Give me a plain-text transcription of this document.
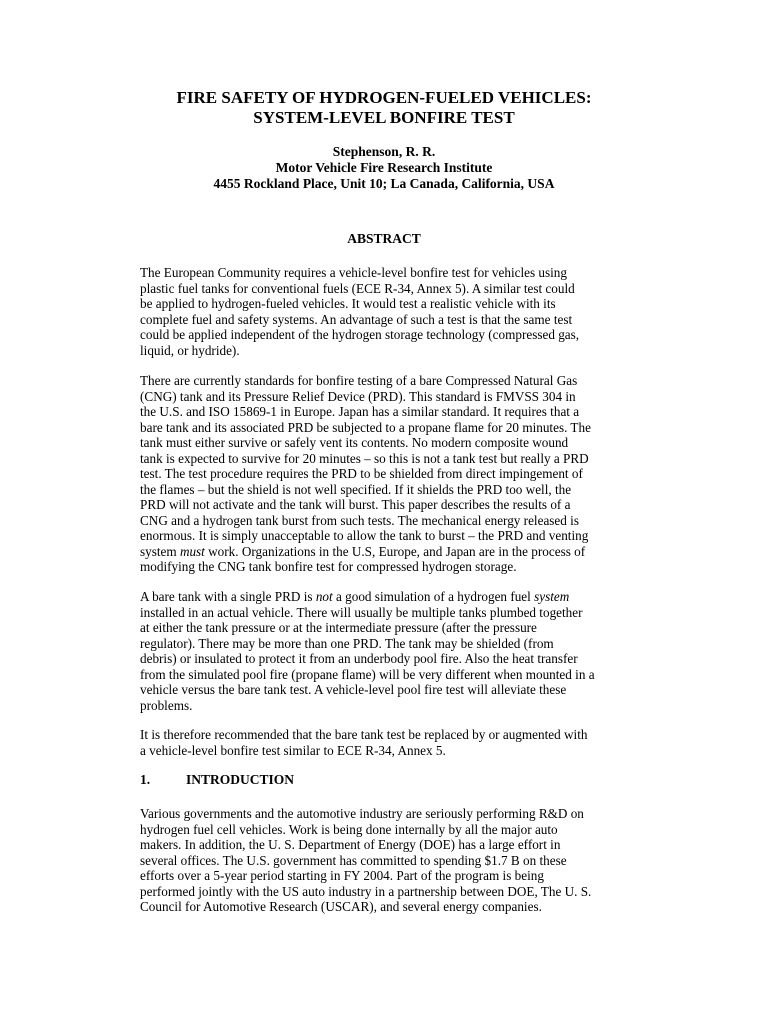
FIRE SAFETY OF HYDROGEN-FUELED VEHICLES:
SYSTEM-LEVEL BONFIRE TEST
Stephenson, R. R.
Motor Vehicle Fire Research Institute
4455 Rockland Place, Unit 10; La Canada, California, USA
ABSTRACT

The European Community requires a vehicle-level bonfire test for vehicles using
plastic fuel tanks for conventional fuels (ECE R-34, Annex 5). A similar test could
be applied to hydrogen-fueled vehicles. It would test a realistic vehicle with its
complete fuel and safety systems. An advantage of such a test is that the same test
could be applied independent of the hydrogen storage technology (compressed gas,
liquid, or hydride).

There are currently standards for bonfire testing of a bare Compressed Natural Gas
(CNG) tank and its Pressure Relief Device (PRD). This standard is FMVSS 304 in
the U.S. and ISO 15869-1 in Europe. Japan has a similar standard. It requires that a
bare tank and its associated PRD be subjected to a propane flame for 20 minutes. The
tank must either survive or safely vent its contents. No modern composite wound
tank is expected to survive for 20 minutes – so this is not a tank test but really a PRD
test. The test procedure requires the PRD to be shielded from direct impingement of
the flames – but the shield is not well specified. If it shields the PRD too well, the
PRD will not activate and the tank will burst. This paper describes the results of a
CNG and a hydrogen tank burst from such tests. The mechanical energy released is
enormous. It is simply unacceptable to allow the tank to burst – the PRD and venting
system must work. Organizations in the U.S, Europe, and Japan are in the process of
modifying the CNG tank bonfire test for compressed hydrogen storage.

A bare tank with a single PRD is not a good simulation of a hydrogen fuel system
installed in an actual vehicle. There will usually be multiple tanks plumbed together
at either the tank pressure or at the intermediate pressure (after the pressure
regulator). There may be more than one PRD. The tank may be shielded (from
debris) or insulated to protect it from an underbody pool fire. Also the heat transfer
from the simulated pool fire (propane flame) will be very different when mounted in a
vehicle versus the bare tank test. A vehicle-level pool fire test will alleviate these
problems.

It is therefore recommended that the bare tank test be replaced by or augmented with
a vehicle-level bonfire test similar to ECE R-34, Annex 5.

1.	INTRODUCTION

Various governments and the automotive industry are seriously performing R&D on
hydrogen fuel cell vehicles. Work is being done internally by all the major auto
makers. In addition, the U. S. Department of Energy (DOE) has a large effort in
several offices. The U.S. government has committed to spending $1.7 B on these
efforts over a 5-year period starting in FY 2004. Part of the program is being
performed jointly with the US auto industry in a partnership between DOE, The U. S.
Council for Automotive Research (USCAR), and several energy companies.
